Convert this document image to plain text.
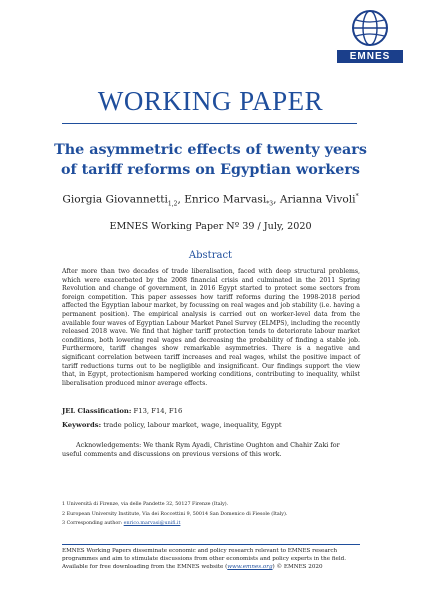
EMNES
WORKING PAPER
The asymmetric effects of twenty years
of tariff reforms on Egyptian workers
Giorgia Giovannetti$_{1,2}$, Enrico Marvasi$_{*3}$, Arianna Vivoli*
EMNES Working Paper Nº 39 / July, 2020
Abstract
After more than two decades of trade liberalisation, faced with deep structural problems, which were exacerbated by the 2008 financial crisis and culminated in the 2011 Spring Revolution and change of government, in 2016 Egypt started to protect some sectors from foreign competition. This paper assesses how tariff reforms during the 1998-2018 period affected the Egyptian labour market, by focussing on real wages and job stability (i.e. having a permanent position). The empirical analysis is carried out on worker-level data from the available four waves of Egyptian Labour Market Panel Survey (ELMPS), including the recently released 2018 wave. We find that higher tariff protection tends to deteriorate labour market conditions, both lowering real wages and decreasing the probability of finding a stable job. Furthermore, tariff changes show remarkable asymmetries. There is a negative and significant correlation between tariff increases and real wages, whilst the positive impact of tariff reductions turns out to be negligible and insignificant. Our findings support the view that, in Egypt, protectionism hampered working conditions, contributing to inequality, whilst liberalisation produced minor average effects.
JEL Classification: F13, F14, F16
Keywords: trade policy, labour market, wage, inequality, Egypt
Acknowledgements: We thank Rym Ayadi, Christine Oughton and Chahir Zaki for useful comments and discussions on previous versions of this work.
1 Università di Firenze, via delle Pandette 32, 50127 Firenze (Italy).
2 European University Institute, Via dei Roccettini 9, 50014 San Domenico di Fiesole (Italy).
3 Corresponding author: enrico.marvasi@unifi.it
EMNES Working Papers disseminate economic and policy research relevant to EMNES research programmes and aim to stimulate discussions from other economists and policy experts in the field. Available for free downloading from the EMNES website (www.emnes.org) © EMNES 2020
